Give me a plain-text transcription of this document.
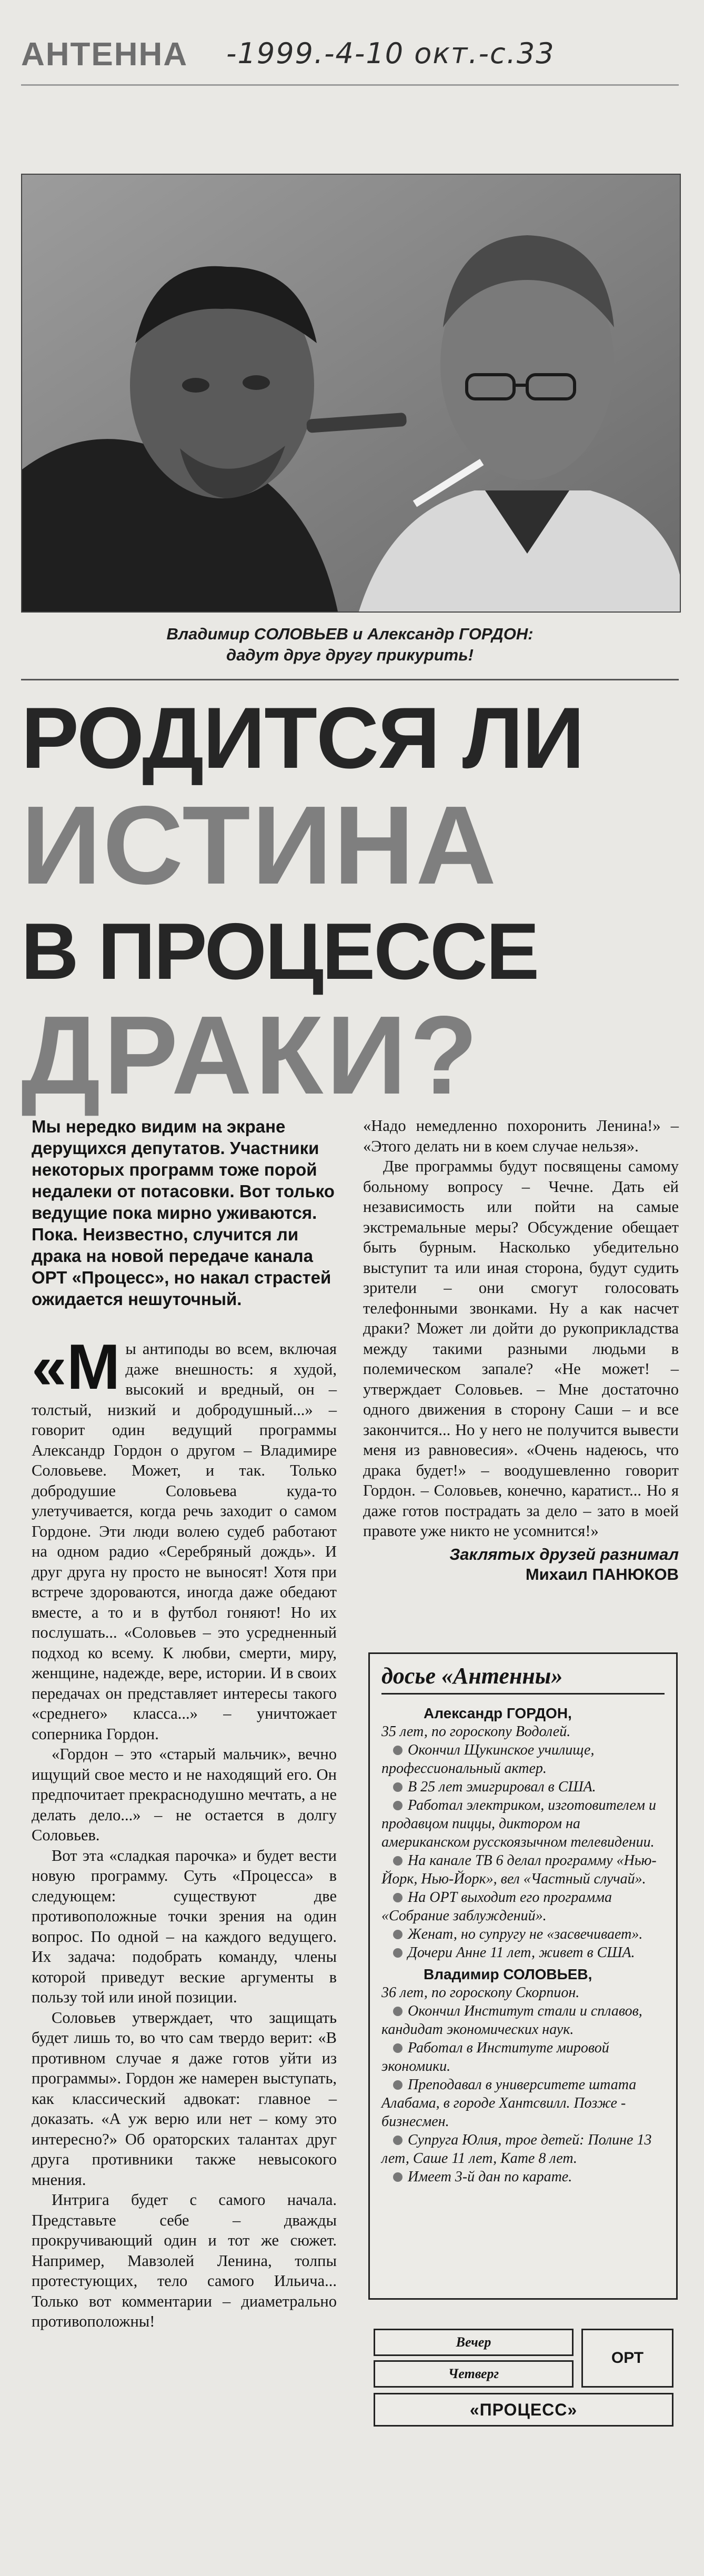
АНТЕННА -1999.-4-10 окт.-с.33
Владимир СОЛОВЬЕВ и Александр ГОРДОН:
дадут друг другу прикурить!
РОДИТСЯ ЛИ
ИСТИНА
В ПРОЦЕССЕ
ДРАКИ?

Мы нередко видим на экране дерущихся депутатов. Участники некоторых программ тоже порой недалеки от потасовки. Вот только ведущие пока мирно уживаются. Пока. Неизвестно, случится ли драка на новой передаче канала ОРТ «Процесс», но накал страстей ожидается нешуточный.

«М ы антиподы во всем, включая даже внешность: я худой, высокий и вредный, он – толстый, низкий и добродушный...» – говорит один ведущий программы Александр Гордон о другом – Владимире Соловьеве. Может, и так. Только добродушие Соловьева куда-то улетучивается, когда речь заходит о самом Гордоне. Эти люди волею судеб работают на одном радио «Серебряный дождь». И друг друга ну просто не выносят! Хотя при встрече здороваются, иногда даже обедают вместе, а то и в футбол гоняют! Но их послушать... «Соловьев – это усредненный подход ко всему. К любви, смерти, миру, женщине, надежде, вере, истории. И в своих передачах он представляет интересы такого «среднего» класса...» – уничтожает соперника Гордон.

«Гордон – это «старый мальчик», вечно ищущий свое место и не находящий его. Он предпочитает прекраснодушно мечтать, а не делать дело...» – не остается в долгу Соловьев.

Вот эта «сладкая парочка» и будет вести новую программу. Суть «Процесса» в следующем: существуют две противоположные точки зрения на один вопрос. По одной – на каждого ведущего. Их задача: подобрать команду, члены которой приведут веские аргументы в пользу той или иной позиции.

Соловьев утверждает, что защищать будет лишь то, во что сам твердо верит: «В противном случае я даже готов уйти из программы». Гордон же намерен выступать, как классический адвокат: главное – доказать. «А уж верю или нет – кому это интересно?» Об ораторских талантах друг друга противники также невысокого мнения.

Интрига будет с самого начала. Представьте себе – дважды прокручивающий один и тот же сюжет. Например, Мавзолей Ленина, толпы протестующих, тело самого Ильича... Только вот комментарии – диаметрально противоположны!

«Надо немедленно похоронить Ленина!» – «Этого делать ни в коем случае нельзя».

Две программы будут посвящены самому больному вопросу – Чечне. Дать ей независимость или пойти на самые экстремальные меры? Обсуждение обещает быть бурным. Насколько убедительно выступит та или иная сторона, будут судить зрители – они смогут голосовать телефонными звонками. Ну а как насчет драки? Может ли дойти до рукоприкладства между такими разными людьми в полемическом запале? «Не может! – утверждает Соловьев. – Мне достаточно одного движения в сторону Саши – и все закончится... Но у него не получится вывести меня из равновесия». «Очень надеюсь, что драка будет!» – воодушевленно говорит Гордон. – Соловьев, конечно, каратист... Но я даже готов пострадать за дело – зато в моей правоте уже никто не усомнится!»

Заклятых друзей разнимал
Михаил ПАНЮКОВ
досье «Антенны»
Александр ГОРДОН,
35 лет, по гороскопу Водолей.

Окончил Щукинское училище, профессиональный актер.

В 25 лет эмигрировал в США.

Работал электриком, изготовителем и продавцом пиццы, диктором на американском русскоязычном телевидении.

На канале ТВ 6 делал программу «Нью-Йорк, Нью-Йорк», вел «Частный случай».

На ОРТ выходит его программа «Собрание заблуждений».

Женат, но супругу не «засвечивает».

Дочери Анне 11 лет, живет в США.

Владимир СОЛОВЬЕВ,
36 лет, по гороскопу Скорпион.

Окончил Институт стали и сплавов, кандидат экономических наук.

Работал в Институте мировой экономики.

Преподавал в университете штата Алабама, в городе Хантсвилл. Позже - бизнесмен.

Супруга Юлия, трое детей: Полине 13 лет, Саше 11 лет, Кате 8 лет.

Имеет 3-й дан по карате.

Вечер
Четверг
ОРТ
«ПРОЦЕСС»
